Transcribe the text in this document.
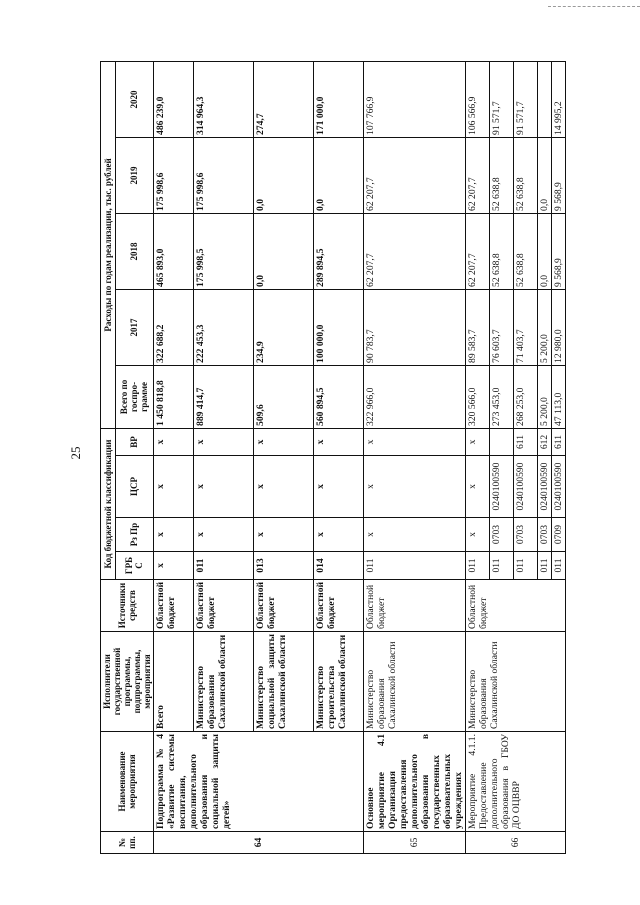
25
№ пп.	Наименование мероприятия	Исполнители государственной программы, подпрограммы, мероприятия	Источники средств	Код бюджетной классификации				Расходы по годам реализации, тыс. рублей				
				ГРБ С	Рз Пр	ЦСР	ВР	Всего по госпро-грамме	2017	2018	2019	2020
64	Подпрограмма № 4 «Развитие системы воспитания, дополнительного образования и социальной защиты детей»	Всего	Областной бюджет	х	х	х	х	1 450 818,8	322 688,2	465 893,0	175 998,6	486 239,0
		Министерство образования Сахалинской области	Областной бюджет	011	х	х	х	889 414,7	222 453,3	175 998,5	175 998,6	314 964,3
		Министерство социальной защиты Сахалинской области	Областной бюджет	013	х	х	х	509,6	234,9	0,0	0,0	274,7
		Министерство строительства Сахалинской области	Областной бюджет	014	х	х	х	560 894,5	100 000,0	289 894,5	0,0	171 000,0
65	Основное мероприятие 4.1 Организация предоставления дополнительного образования в государственных образовательных учреждениях	Министерство образования Сахалинской области	Областной бюджет	011	х	х	х	322 966,0	90 783,7	62 207,7	62 207,7	107 766,9
66	Мероприятие 4.1.1. Предоставление дополнительного образования в ГБОУ ДО ОЦВВР	Министерство образования Сахалинской области	Областной бюджет	011	х	х	х	320 566,0	89 583,7	62 207,7	62 207,7	106 566,9
				011	0703	0240100590		273 453,0	76 603,7	52 638,8	52 638,8	91 571,7
				011	0703	0240100590	611	268 253,0	71 403,7	52 638,8	52 638,8	91 571,7
				011	0703	0240100590	612	5 200,0	5 200,0	0,0	0,0	
				011	0709	0240100590	611	47 113,0	12 980,0	9 568,9	9 568,9	14 995,2
